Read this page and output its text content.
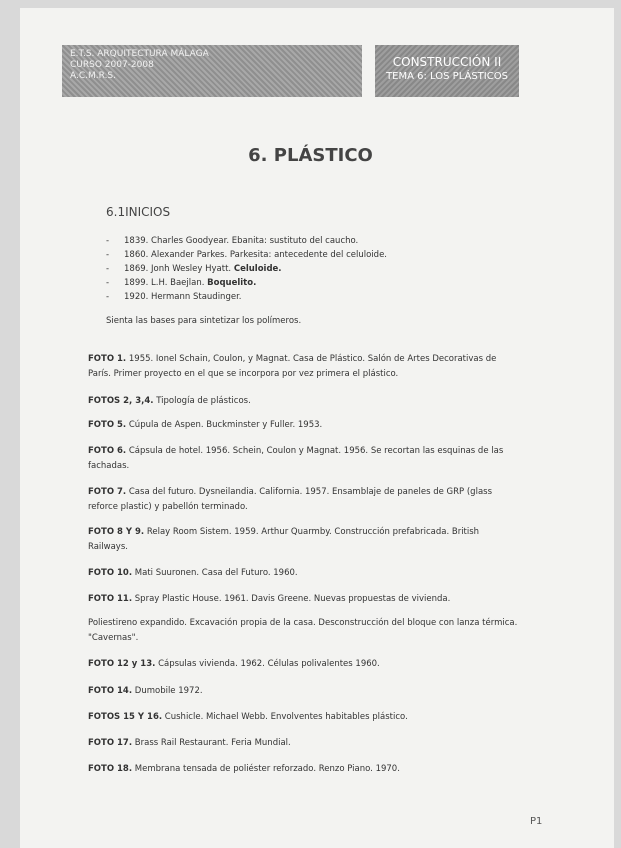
E.T.S. ARQUITECTURA MÁLAGA
CURSO 2007-2008
A.C.M.R.S.
CONSTRUCCIÓN II
TEMA 6: LOS PLÁSTICOS
6. PLÁSTICO
6.1INICIOS
- 1839. Charles Goodyear. Ebanita: sustituto del caucho.
- 1860. Alexander Parkes. Parkesita: antecedente del celuloide.
- 1869. Jonh Wesley Hyatt. Celuloide.
- 1899. L.H. Baejlan. Boquelito.
- 1920. Hermann Staudinger.
Sienta las bases para sintetizar los polímeros.
FOTO 1. 1955. Ionel Schain, Coulon, y Magnat. Casa de Plástico. Salón de Artes Decorativas de París. Primer proyecto en el que se incorpora por vez primera el plástico.
FOTOS 2, 3,4. Tipología de plásticos.
FOTO 5. Cúpula de Aspen. Buckminster y Fuller. 1953.
FOTO 6. Cápsula de hotel. 1956. Schein, Coulon y Magnat. 1956. Se recortan las esquinas de las fachadas.
FOTO 7. Casa del futuro. Dysneilandia. California. 1957. Ensamblaje de paneles de GRP (glass reforce plastic) y pabellón terminado.
FOTO 8 Y 9. Relay Room Sistem. 1959. Arthur Quarmby. Construcción prefabricada. British Railways.
FOTO 10. Mati Suuronen. Casa del Futuro. 1960.
FOTO 11. Spray Plastic House. 1961. Davis Greene. Nuevas propuestas de vivienda.
Poliestireno expandido. Excavación propia de la casa. Desconstrucción del bloque con lanza térmica. "Cavernas".
FOTO 12 y 13. Cápsulas vivienda. 1962. Células polivalentes 1960.
FOTO 14. Dumobile 1972.
FOTOS 15 Y 16. Cushicle. Michael Webb. Envolventes habitables plástico.
FOTO 17. Brass Rail Restaurant. Feria Mundial.
FOTO 18. Membrana tensada de poliéster reforzado. Renzo Piano. 1970.
P1
